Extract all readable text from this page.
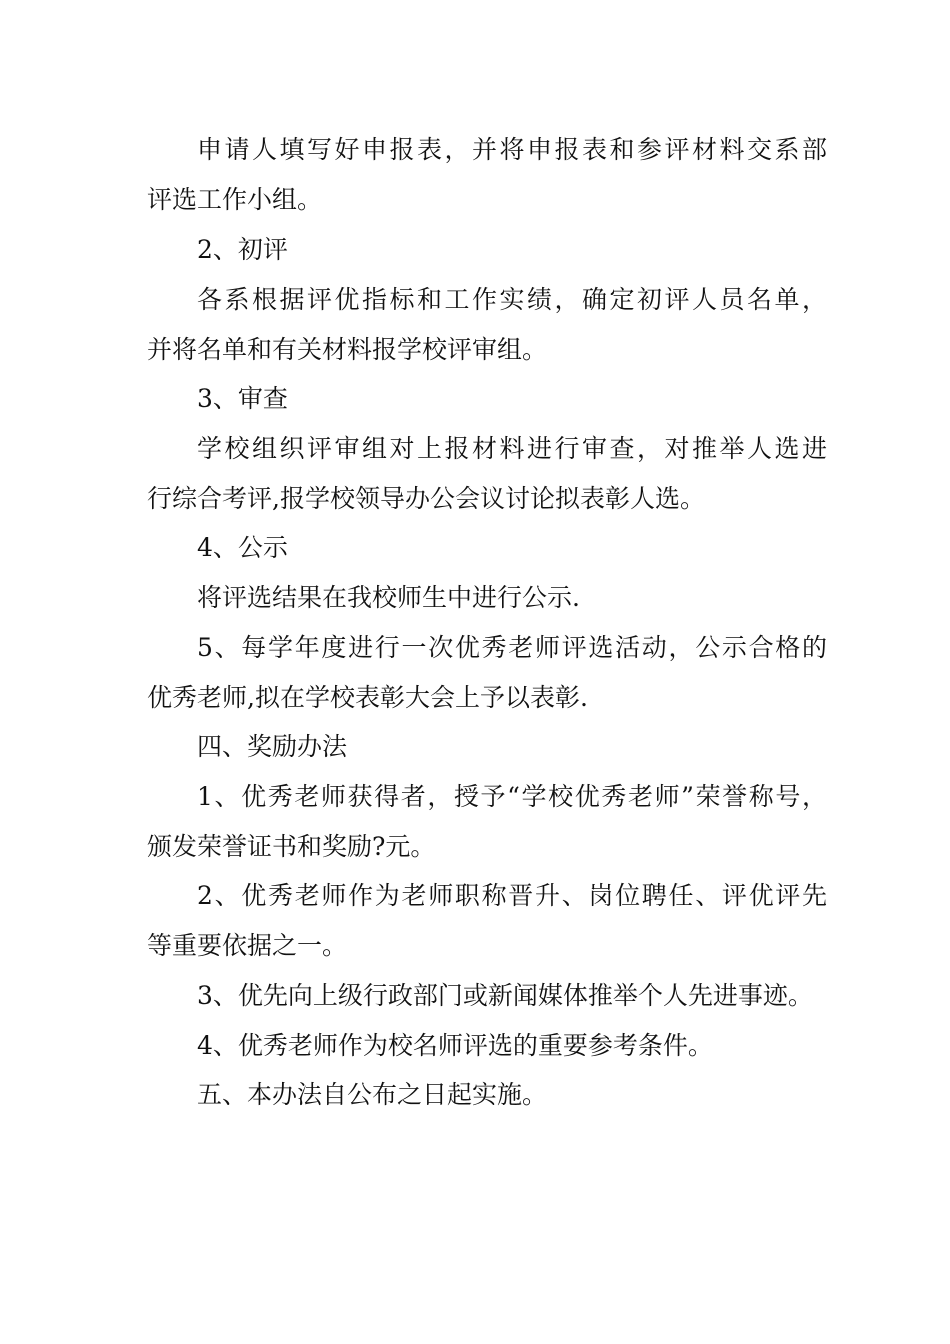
申请人填写好申报表，并将申报表和参评材料交系部
评选工作小组。
2、初评
各系根据评优指标和工作实绩，确定初评人员名单，
并将名单和有关材料报学校评审组。
3、审查
学校组织评审组对上报材料进行审查，对推举人选进
行综合考评,报学校领导办公会议讨论拟表彰人选。
4、公示
将评选结果在我校师生中进行公示.
5、每学年度进行一次优秀老师评选活动，公示合格的
优秀老师,拟在学校表彰大会上予以表彰.
四、奖励办法
1、优秀老师获得者，授予“学校优秀老师”荣誉称号，
颁发荣誉证书和奖励?元。
2、优秀老师作为老师职称晋升、岗位聘任、评优评先
等重要依据之一。
3、优先向上级行政部门或新闻媒体推举个人先进事迹。
4、优秀老师作为校名师评选的重要参考条件。
五、本办法自公布之日起实施。
